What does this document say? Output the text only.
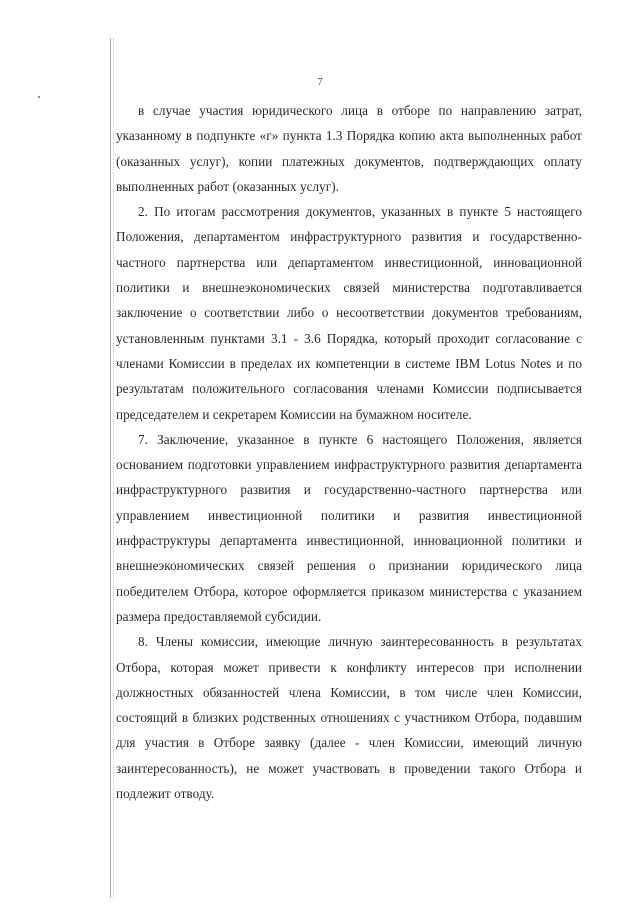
7

в случае участия юридического лица в отборе по направлению затрат, указанному в подпункте «г» пункта 1.3 Порядка копию акта выполненных работ (оказанных услуг), копии платежных документов, подтверждающих оплату выполненных работ (оказанных услуг).

2. По итогам рассмотрения документов, указанных в пункте 5 настоящего Положения, департаментом инфраструктурного развития и государственно-частного партнерства или департаментом инвестиционной, инновационной политики и внешнеэкономических связей министерства подготавливается заключение о соответствии либо о несоответствии документов требованиям, установленным пунктами 3.1 - 3.6 Порядка, который проходит согласование с членами Комиссии в пределах их компетенции в системе IBM Lotus Notes и по результатам положительного согласования членами Комиссии подписывается председателем и секретарем Комиссии на бумажном носителе.

7. Заключение, указанное в пункте 6 настоящего Положения, является основанием подготовки управлением инфраструктурного развития департамента инфраструктурного развития и государственно-частного партнерства или управлением инвестиционной политики и развития инвестиционной инфраструктуры департамента инвестиционной, инновационной политики и внешнеэкономических связей решения о признании юридического лица победителем Отбора, которое оформляется приказом министерства с указанием размера предоставляемой субсидии.

8. Члены комиссии, имеющие личную заинтересованность в результатах Отбора, которая может привести к конфликту интересов при исполнении должностных обязанностей члена Комиссии, в том числе член Комиссии, состоящий в близких родственных отношениях с участником Отбора, подавшим для участия в Отборе заявку (далее - член Комиссии, имеющий личную заинтересованность), не может участвовать в проведении такого Отбора и подлежит отводу.
